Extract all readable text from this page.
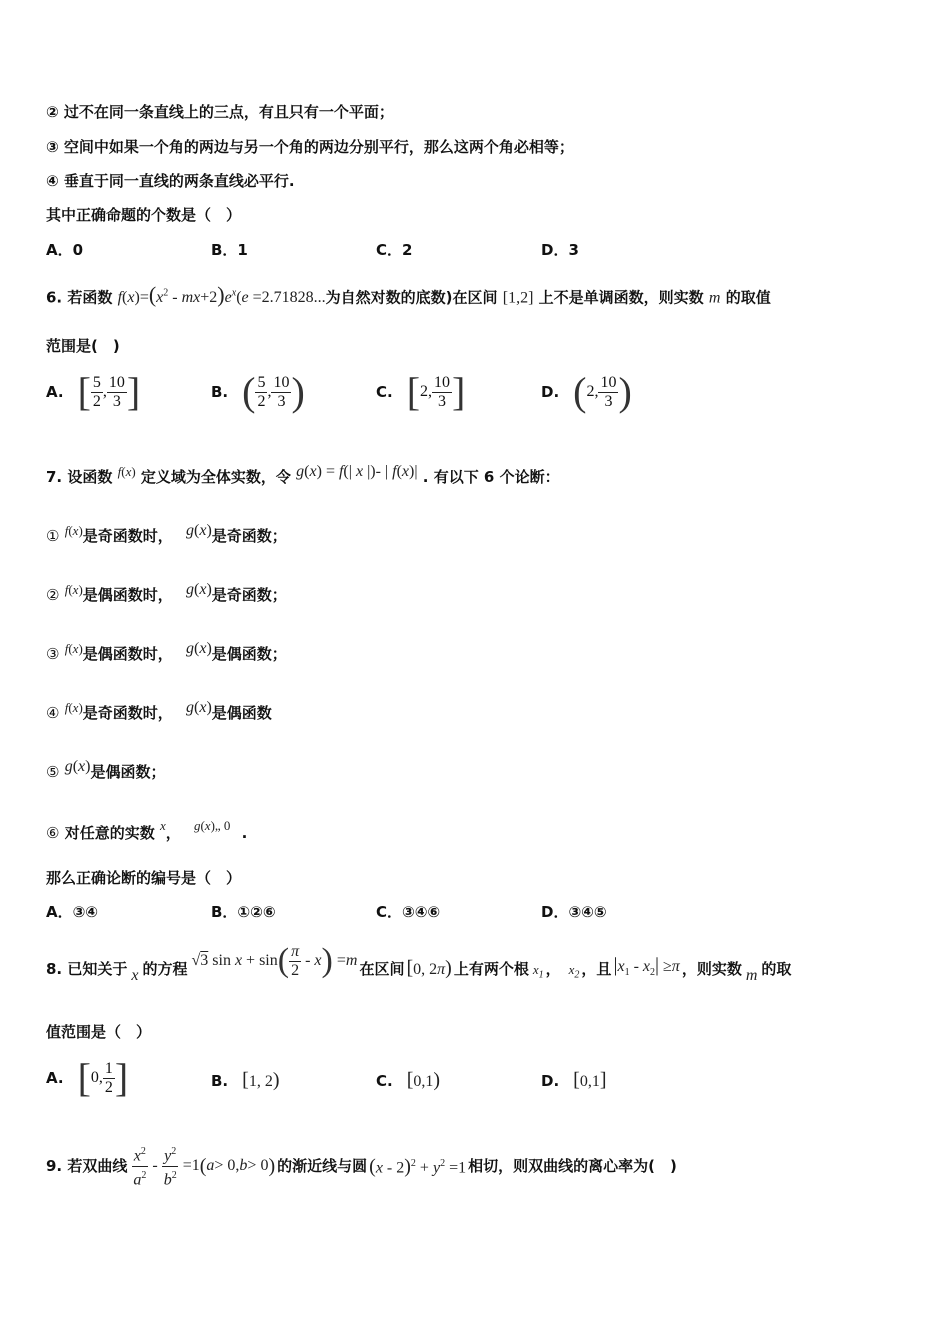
② 过不在同一条直线上的三点，有且只有一个平面；
③ 空间中如果一个角的两边与另一个角的两边分别平行，那么这两个角必相等；
④ 垂直于同一直线的两条直线必平行.
其中正确命题的个数是（　）
A．0	B．1	C．2	D．3
6. 若函数 $f(x)=(x^2 - mx+2)e^x(e =2.71828$...为自然对数的底数)在区间 [1,2] 上不是单调函数，则实数 m 的取值
范围是(　)
A. [ $\frac{5}{2}$ , $\frac{10}{3}$ ]	B. ( $\frac{5}{2}$ , $\frac{10}{3}$ )	C. [ 2, $\frac{10}{3}$ ]	D. ( 2, $\frac{10}{3}$ )
7. 设函数 f(x) 定义域为全体实数，令 g(x) = f(| x |)- | f(x)| . 有以下 6 个论断：
① f(x)是奇函数时， g(x)是奇函数；
② f(x)是偶函数时， g(x)是奇函数；
③ f(x)是偶函数时， g(x)是偶函数；
④ f(x)是奇函数时， g(x)是偶函数
⑤ g(x)是偶函数；
⑥ 对任意的实数 x， g(x)„ 0 .
那么正确论断的编号是（　）
A．③④	B．①②⑥	C．③④⑥	D．③④⑤
8. 已知关于 x 的方程 √ 3 sin x + sin ( $\frac{\pi}{2}$ - x ) = m 在区间 [0, 2π) 上有两个根 $x_1$ ， $x_2$ ，且 $|x_1 - x_2| \ge\pi$ ，则实数 m 的取
值范围是（　）
A. [ 0, $\frac{1}{2}$ ]	B. [1, 2)	C. [0,1)	D. [0,1]
9. 若双曲线 $\frac{x^2}{a^2} - \frac{y^2}{b^2} =1$ ( a > 0, b > 0 ) 的渐近线与圆 $(x - 2)^2 + y^2 =1$ 相切，则双曲线的离心率为(　)
